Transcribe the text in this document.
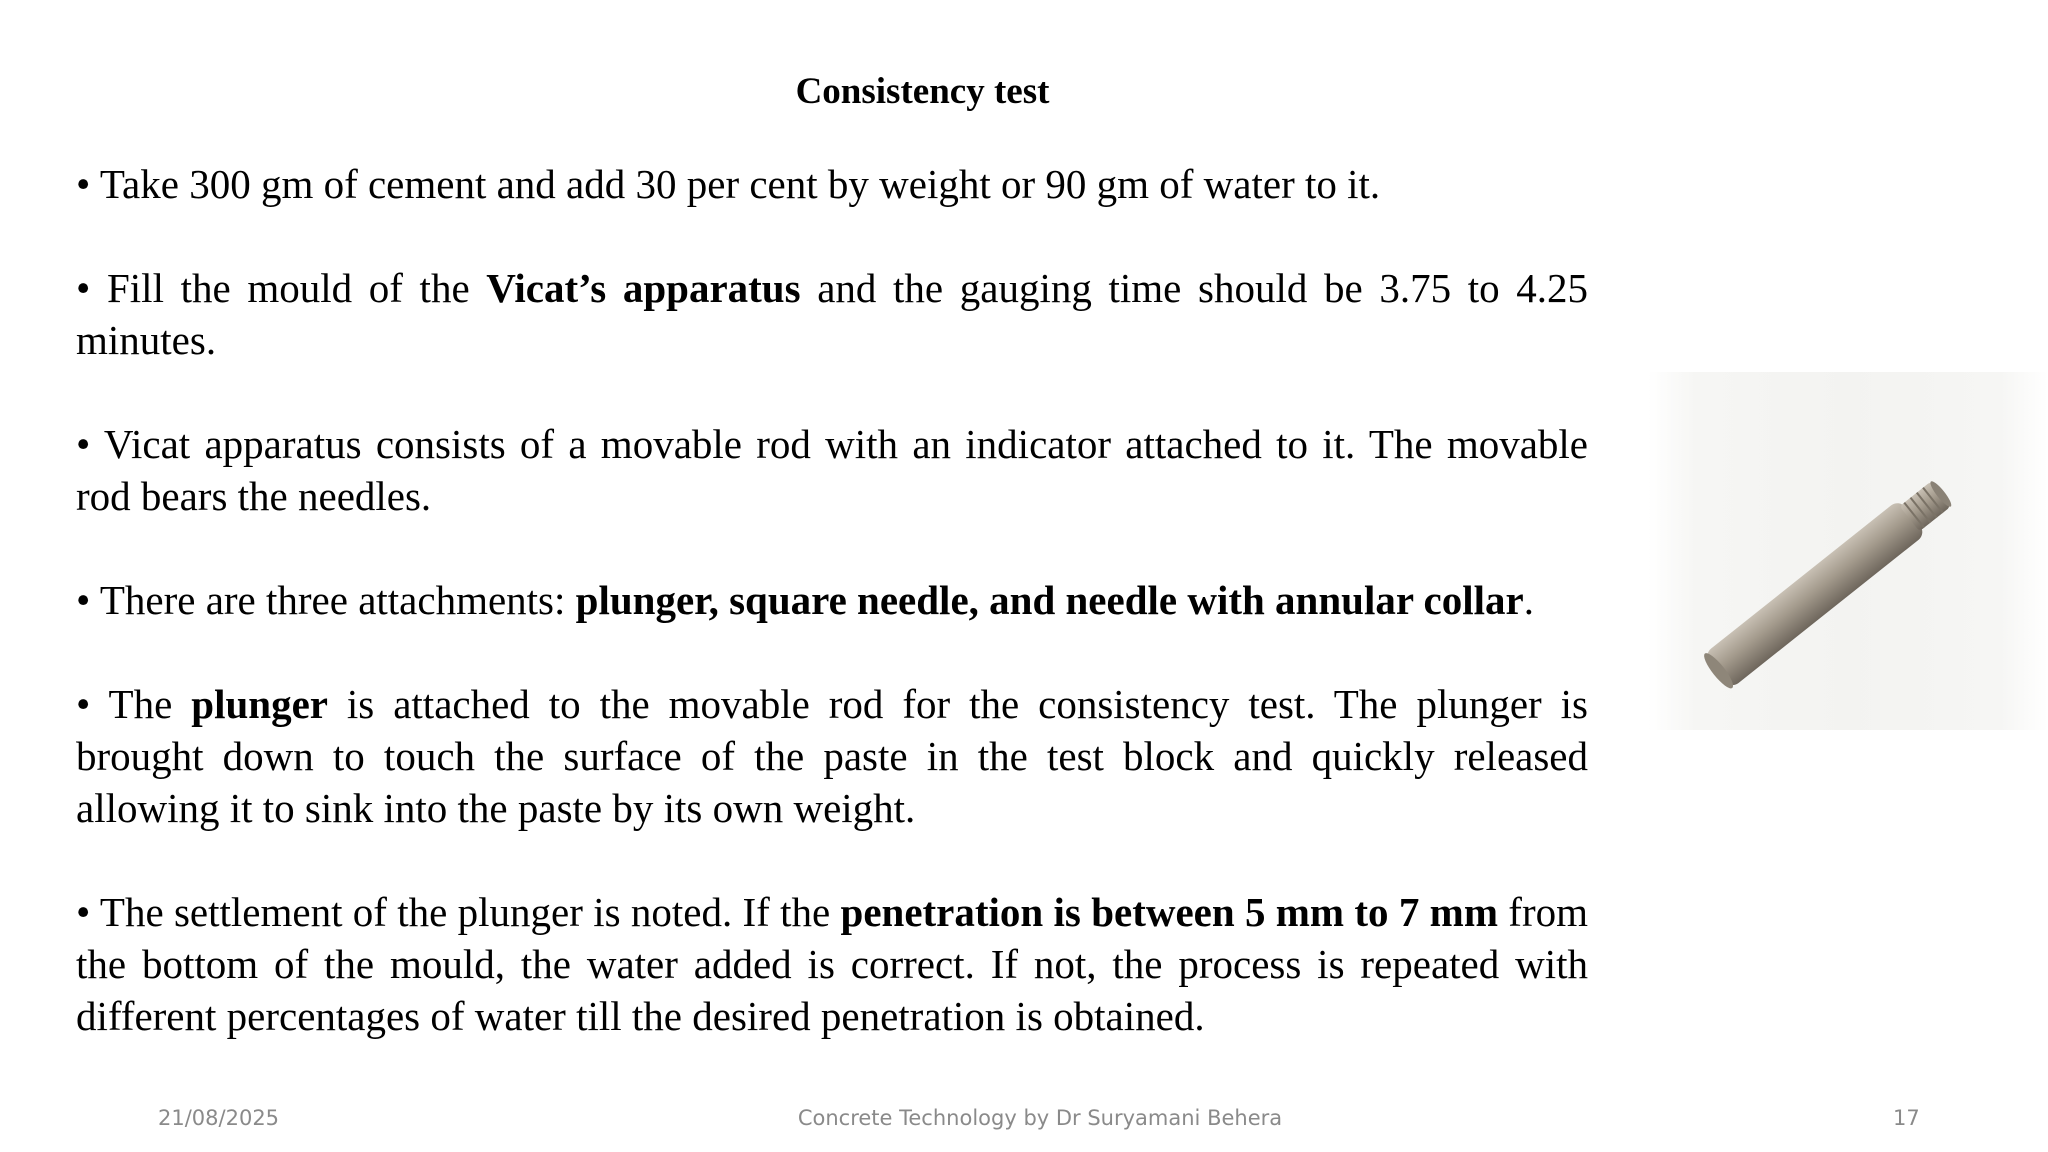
Consistency test

• Take 300 gm of cement and add 30 per cent by weight or 90 gm of water to it.

• Fill the mould of the Vicat’s apparatus and the gauging time should be 3.75 to 4.25 minutes.

• Vicat apparatus consists of a movable rod with an indicator attached to it. The movable rod bears the needles.

• There are three attachments: plunger, square needle, and needle with annular collar.

• The plunger is attached to the movable rod for the consistency test. The plunger is brought down to touch the surface of the paste in the test block and quickly released allowing it to sink into the paste by its own weight.

• The settlement of the plunger is noted. If the penetration is between 5 mm to 7 mm from the bottom of the mould, the water added is correct. If not, the process is repeated with different percentages of water till the desired penetration is obtained.

21/08/2025	Concrete Technology by Dr Suryamani Behera	17
